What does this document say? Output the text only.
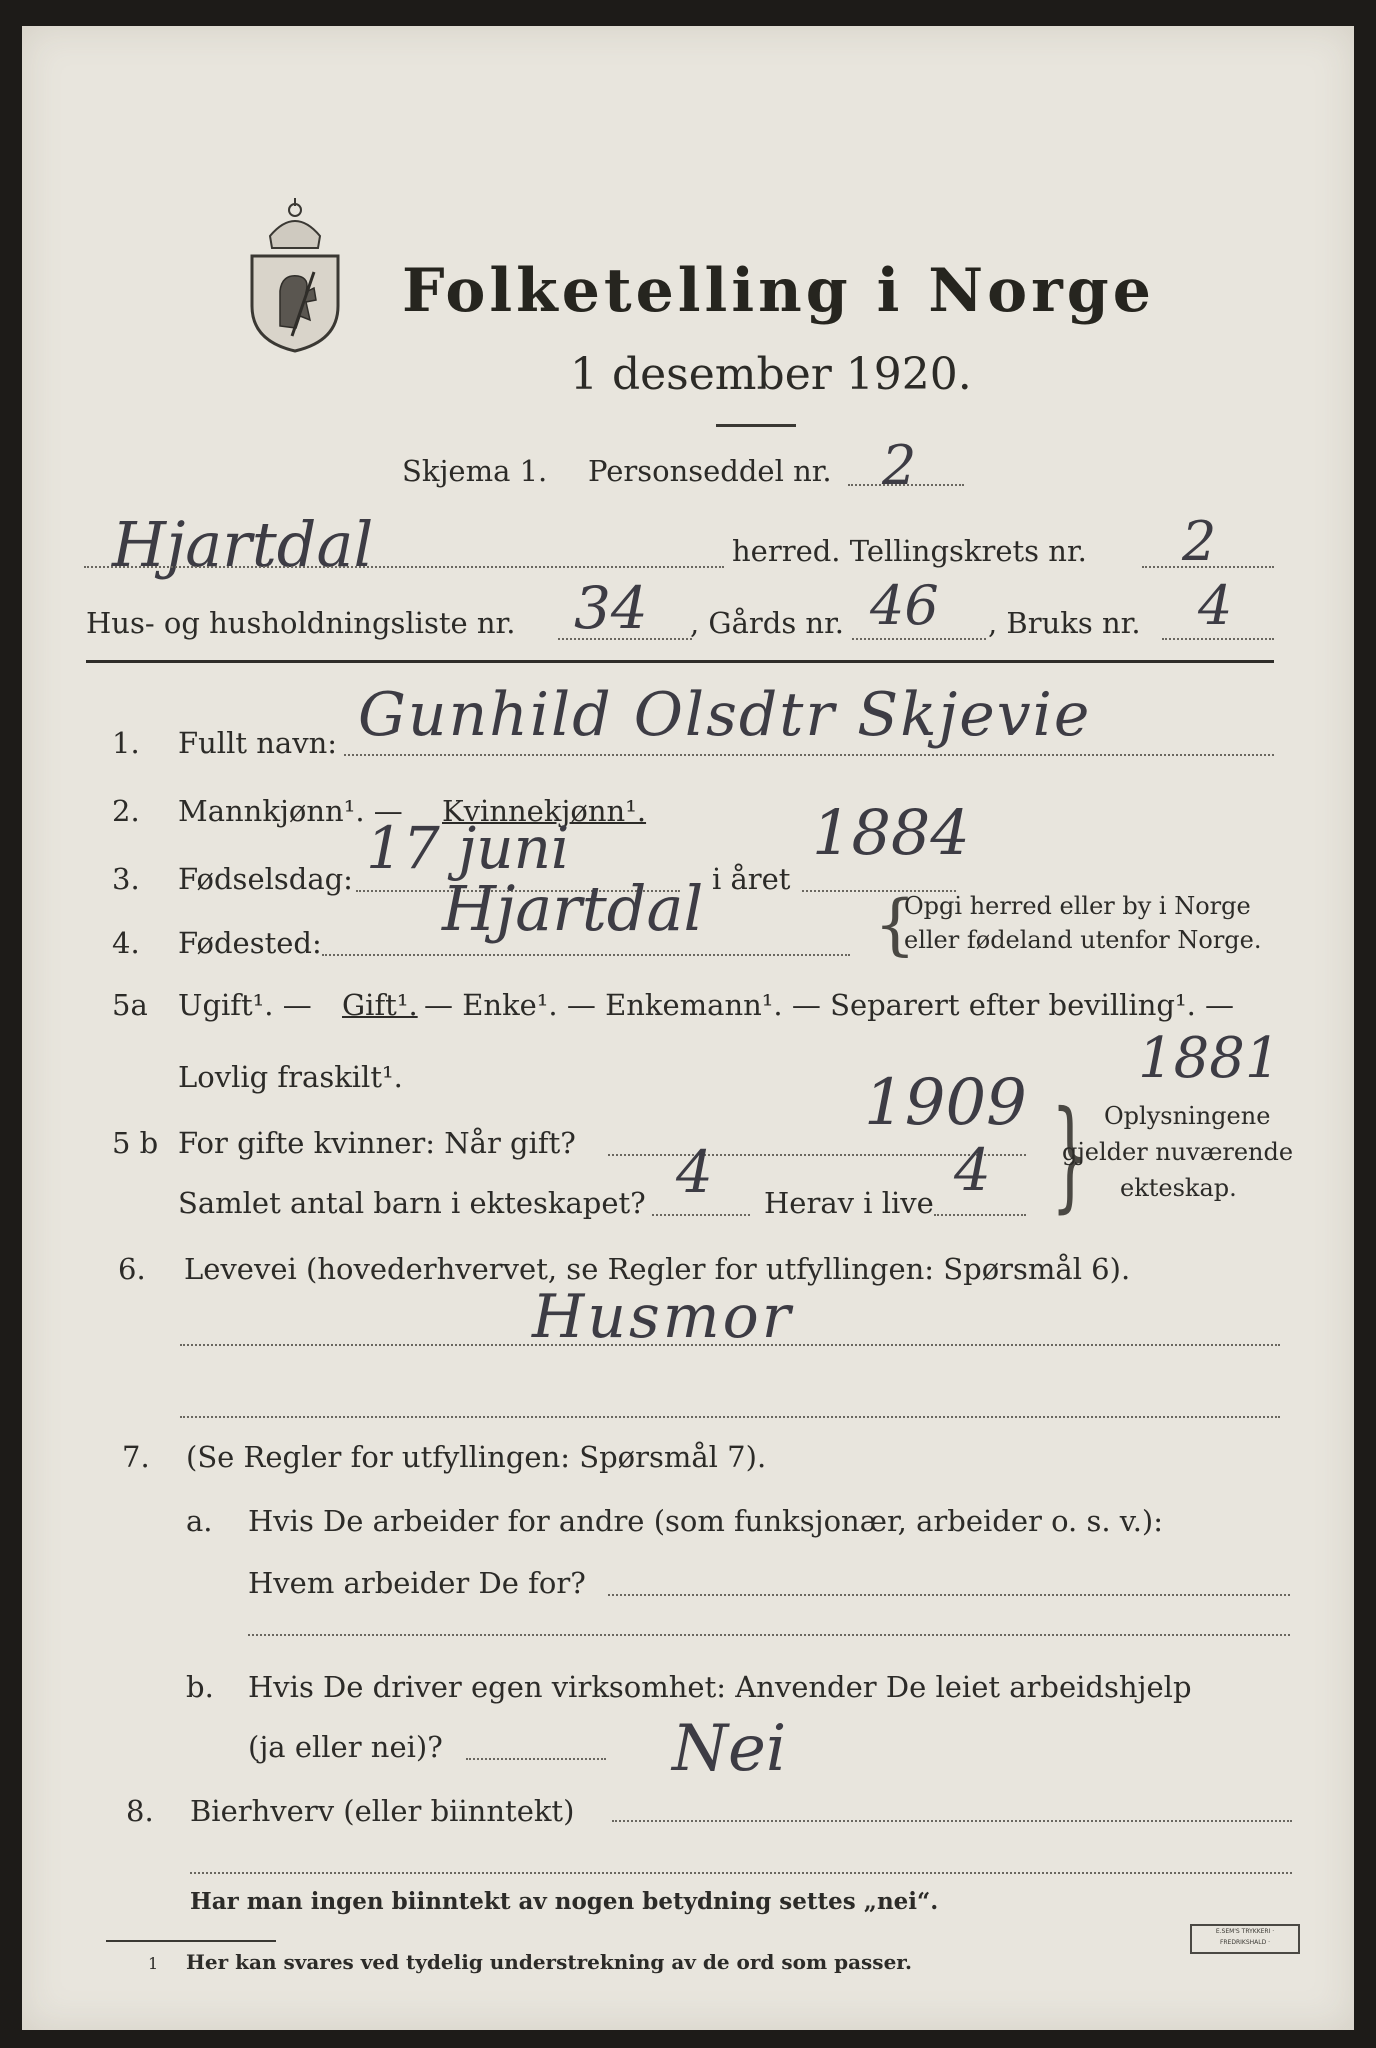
Folketelling i Norge
1 desember 1920.
Skjema 1. Personseddel nr. 2
Hjartdal	herred. Tellingskrets nr. 2
Hus- og husholdningsliste nr. 34 , Gårds nr. 46 , Bruks nr. 4
1. Fullt navn: Gunhild Olsdtr Skjevie
2. Mannkjønn¹. — Kvinnekjønn¹.
3. Fødselsdag: 17 juni	i året
1884
4. Fødested: Hjartdal	{
Opgi herred eller by i Norge
eller fødeland utenfor Norge.
5a Ugift¹. — Gift¹. — Enke¹. — Enkemann¹. — Separert efter bevilling¹. —
Lovlig fraskilt¹.
5 b For gifte kvinner: Når gift?
1909
1881
Samlet antal barn i ekteskapet? 4 Herav i live 4 { Oplysningene
gjelder nuværende
ekteskap.
6. Levevei (hovederhvervet, se Regler for utfyllingen: Spørsmål 6).
Husmor
7. (Se Regler for utfyllingen: Spørsmål 7).
a. Hvis De arbeider for andre (som funksjonær, arbeider o. s. v.):
Hvem arbeider De for?
b. Hvis De driver egen virksomhet: Anvender De leiet arbeidshjelp
(ja eller nei)?	Nei
8. Bierhverv (eller biinntekt)
Har man ingen biinntekt av nogen betydning settes „nei“.
1 Her kan svares ved tydelig understrekning av de ord som passer.
E.SEM'S TRYKKERI · FREDRIKSHALD ·
